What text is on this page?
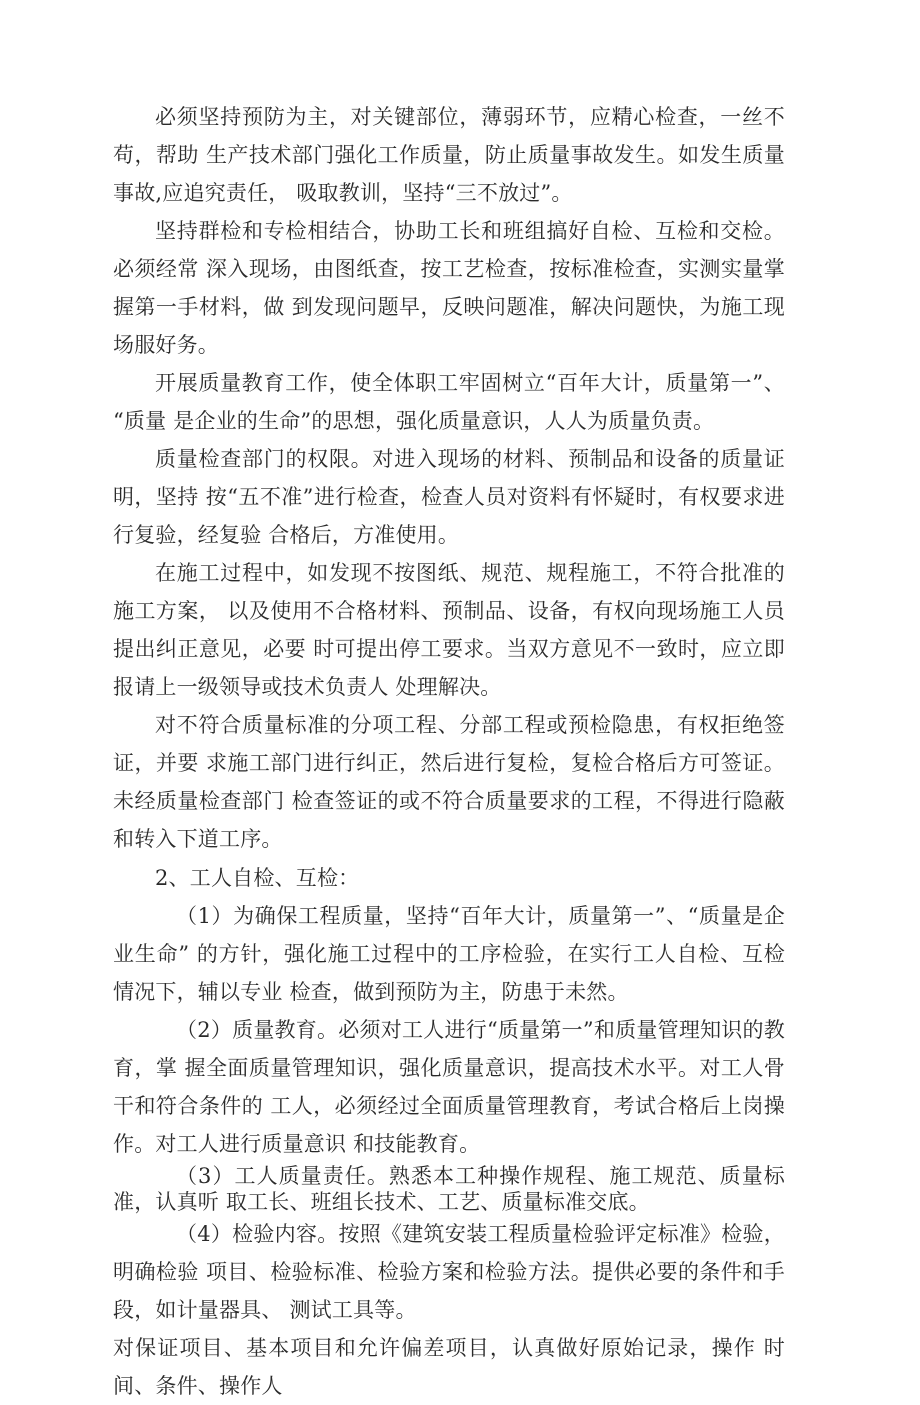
必须坚持预防为主，对关键部位，薄弱环节，应精心检查，一丝不苟，帮助 生产技术部门强化工作质量，防止质量事故发生。如发生质量事故,应追究责任， 吸取教训，坚持“三不放过”。

坚持群检和专检相结合，协助工长和班组搞好自检、互检和交检。必须经常 深入现场，由图纸查，按工艺检查，按标准检查，实测实量掌握第一手材料，做 到发现问题早，反映问题准，解决问题快，为施工现场服好务。

开展质量教育工作，使全体职工牢固树立“百年大计，质量第一”、“质量 是企业的生命”的思想，强化质量意识，人人为质量负责。

质量检查部门的权限。对进入现场的材料、预制品和设备的质量证明，坚持 按“五不准”进行检查，检查人员对资料有怀疑时，有权要求进行复验，经复验 合格后，方准使用。

在施工过程中，如发现不按图纸、规范、规程施工，不符合批准的施工方案， 以及使用不合格材料、预制品、设备，有权向现场施工人员提出纠正意见，必要 时可提出停工要求。当双方意见不一致时，应立即报请上一级领导或技术负责人 处理解决。

对不符合质量标准的分项工程、分部工程或预检隐患，有权拒绝签证，并要 求施工部门进行纠正，然后进行复检，复检合格后方可签证。未经质量检查部门 检查签证的或不符合质量要求的工程，不得进行隐蔽和转入下道工序。

2、工人自检、互检：

（1）为确保工程质量，坚持“百年大计，质量第一”、“质量是企业生命” 的方针，强化施工过程中的工序检验，在实行工人自检、互检情况下，辅以专业 检查，做到预防为主，防患于未然。

（2）质量教育。必须对工人进行“质量第一”和质量管理知识的教育，掌 握全面质量管理知识，强化质量意识，提高技术水平。对工人骨干和符合条件的 工人，必须经过全面质量管理教育，考试合格后上岗操作。对工人进行质量意识 和技能教育。

（3）工人质量责任。熟悉本工种操作规程、施工规范、质量标准，认真听 取工长、班组长技术、工艺、质量标准交底。

（4）检验内容。按照《建筑安装工程质量检验评定标准》检验，明确检验 项目、检验标准、检验方案和检验方法。提供必要的条件和手段，如计量器具、 测试工具等。

对保证项目、基本项目和允许偏差项目，认真做好原始记录，操作 时间、条件、操作人
